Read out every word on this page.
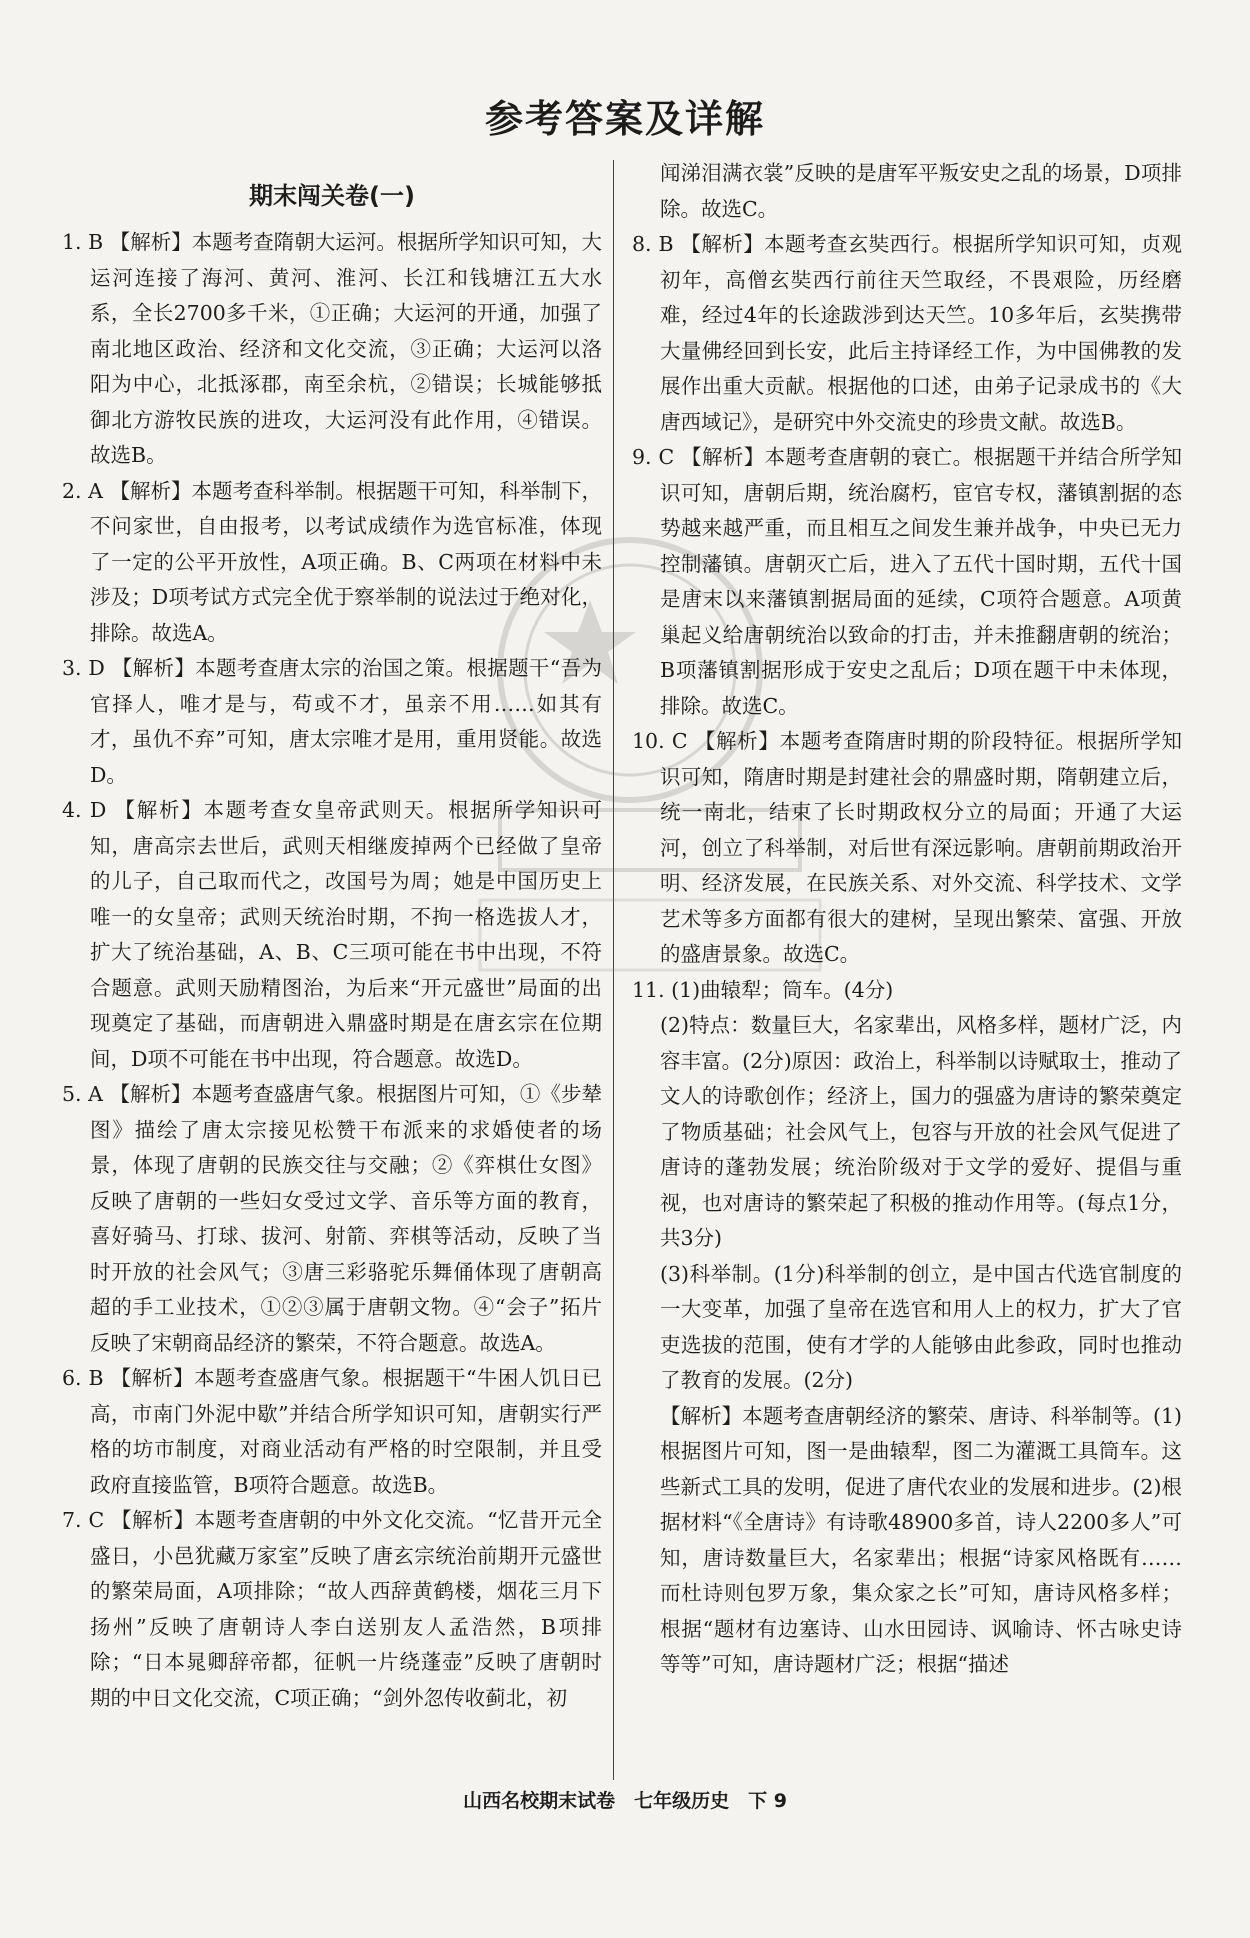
参考答案及详解
期末闯关卷(一)

1. B 【解析】本题考查隋朝大运河。根据所学知识可知，大运河连接了海河、黄河、淮河、长江和钱塘江五大水系，全长2700多千米，①正确；大运河的开通，加强了南北地区政治、经济和文化交流，③正确；大运河以洛阳为中心，北抵涿郡，南至余杭，②错误；长城能够抵御北方游牧民族的进攻，大运河没有此作用，④错误。故选B。

2. A 【解析】本题考查科举制。根据题干可知，科举制下，不问家世，自由报考，以考试成绩作为选官标准，体现了一定的公平开放性，A项正确。B、C两项在材料中未涉及；D项考试方式完全优于察举制的说法过于绝对化，排除。故选A。

3. D 【解析】本题考查唐太宗的治国之策。根据题干“吾为官择人，唯才是与，苟或不才，虽亲不用……如其有才，虽仇不弃”可知，唐太宗唯才是用，重用贤能。故选D。

4. D 【解析】本题考查女皇帝武则天。根据所学知识可知，唐高宗去世后，武则天相继废掉两个已经做了皇帝的儿子，自己取而代之，改国号为周；她是中国历史上唯一的女皇帝；武则天统治时期，不拘一格选拔人才，扩大了统治基础，A、B、C三项可能在书中出现，不符合题意。武则天励精图治，为后来“开元盛世”局面的出现奠定了基础，而唐朝进入鼎盛时期是在唐玄宗在位期间，D项不可能在书中出现，符合题意。故选D。

5. A 【解析】本题考查盛唐气象。根据图片可知，①《步辇图》描绘了唐太宗接见松赞干布派来的求婚使者的场景，体现了唐朝的民族交往与交融；②《弈棋仕女图》反映了唐朝的一些妇女受过文学、音乐等方面的教育，喜好骑马、打球、拔河、射箭、弈棋等活动，反映了当时开放的社会风气；③唐三彩骆驼乐舞俑体现了唐朝高超的手工业技术，①②③属于唐朝文物。④“会子”拓片反映了宋朝商品经济的繁荣，不符合题意。故选A。

6. B 【解析】本题考查盛唐气象。根据题干“牛困人饥日已高，市南门外泥中歇”并结合所学知识可知，唐朝实行严格的坊市制度，对商业活动有严格的时空限制，并且受政府直接监管，B项符合题意。故选B。

7. C 【解析】本题考查唐朝的中外文化交流。“忆昔开元全盛日，小邑犹藏万家室”反映了唐玄宗统治前期开元盛世的繁荣局面，A项排除；“故人西辞黄鹤楼，烟花三月下扬州”反映了唐朝诗人李白送别友人孟浩然，B项排除；“日本晁卿辞帝都，征帆一片绕蓬壶”反映了唐朝时期的中日文化交流，C项正确；“剑外忽传收蓟北，初

闻涕泪满衣裳”反映的是唐军平叛安史之乱的场景，D项排除。故选C。

8. B 【解析】本题考查玄奘西行。根据所学知识可知，贞观初年，高僧玄奘西行前往天竺取经，不畏艰险，历经磨难，经过4年的长途跋涉到达天竺。10多年后，玄奘携带大量佛经回到长安，此后主持译经工作，为中国佛教的发展作出重大贡献。根据他的口述，由弟子记录成书的《大唐西域记》，是研究中外交流史的珍贵文献。故选B。

9. C 【解析】本题考查唐朝的衰亡。根据题干并结合所学知识可知，唐朝后期，统治腐朽，宦官专权，藩镇割据的态势越来越严重，而且相互之间发生兼并战争，中央已无力控制藩镇。唐朝灭亡后，进入了五代十国时期，五代十国是唐末以来藩镇割据局面的延续，C项符合题意。A项黄巢起义给唐朝统治以致命的打击，并未推翻唐朝的统治；B项藩镇割据形成于安史之乱后；D项在题干中未体现，排除。故选C。

10. C 【解析】本题考查隋唐时期的阶段特征。根据所学知识可知，隋唐时期是封建社会的鼎盛时期，隋朝建立后，统一南北，结束了长时期政权分立的局面；开通了大运河，创立了科举制，对后世有深远影响。唐朝前期政治开明、经济发展，在民族关系、对外交流、科学技术、文学艺术等多方面都有很大的建树，呈现出繁荣、富强、开放的盛唐景象。故选C。

11. (1)曲辕犁；筒车。(4分)

(2)特点：数量巨大，名家辈出，风格多样，题材广泛，内容丰富。(2分)原因：政治上，科举制以诗赋取士，推动了文人的诗歌创作；经济上，国力的强盛为唐诗的繁荣奠定了物质基础；社会风气上，包容与开放的社会风气促进了唐诗的蓬勃发展；统治阶级对于文学的爱好、提倡与重视，也对唐诗的繁荣起了积极的推动作用等。(每点1分，共3分)

(3)科举制。(1分)科举制的创立，是中国古代选官制度的一大变革，加强了皇帝在选官和用人上的权力，扩大了官吏选拔的范围，使有才学的人能够由此参政，同时也推动了教育的发展。(2分)

【解析】本题考查唐朝经济的繁荣、唐诗、科举制等。(1)根据图片可知，图一是曲辕犁，图二为灌溉工具筒车。这些新式工具的发明，促进了唐代农业的发展和进步。(2)根据材料“《全唐诗》有诗歌48900多首，诗人2200多人”可知，唐诗数量巨大，名家辈出；根据“诗家风格既有……而杜诗则包罗万象，集众家之长”可知，唐诗风格多样；根据“题材有边塞诗、山水田园诗、讽喻诗、怀古咏史诗等等”可知，唐诗题材广泛；根据“描述

山西名校期末试卷　七年级历史　下 9
